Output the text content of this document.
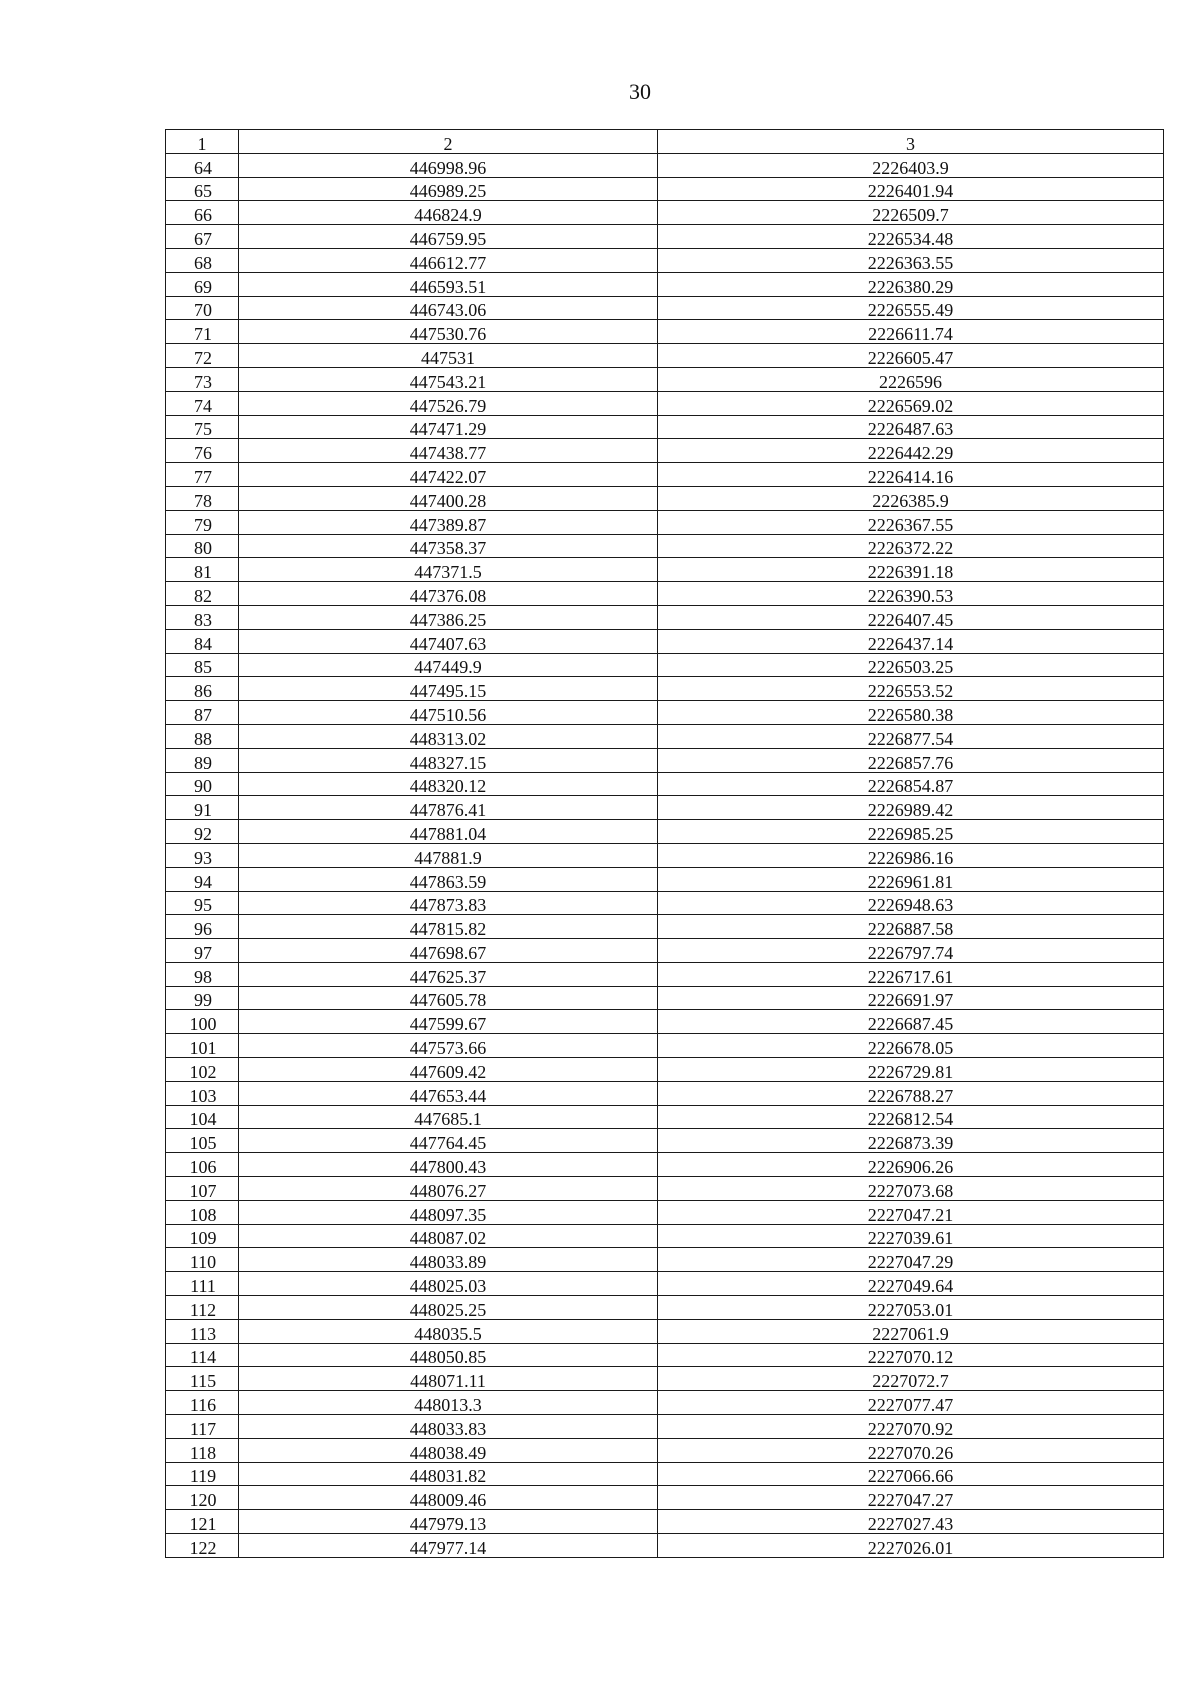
30
1	2	3
64	446998.96	2226403.9
65	446989.25	2226401.94
66	446824.9	2226509.7
67	446759.95	2226534.48
68	446612.77	2226363.55
69	446593.51	2226380.29
70	446743.06	2226555.49
71	447530.76	2226611.74
72	447531	2226605.47
73	447543.21	2226596
74	447526.79	2226569.02
75	447471.29	2226487.63
76	447438.77	2226442.29
77	447422.07	2226414.16
78	447400.28	2226385.9
79	447389.87	2226367.55
80	447358.37	2226372.22
81	447371.5	2226391.18
82	447376.08	2226390.53
83	447386.25	2226407.45
84	447407.63	2226437.14
85	447449.9	2226503.25
86	447495.15	2226553.52
87	447510.56	2226580.38
88	448313.02	2226877.54
89	448327.15	2226857.76
90	448320.12	2226854.87
91	447876.41	2226989.42
92	447881.04	2226985.25
93	447881.9	2226986.16
94	447863.59	2226961.81
95	447873.83	2226948.63
96	447815.82	2226887.58
97	447698.67	2226797.74
98	447625.37	2226717.61
99	447605.78	2226691.97
100	447599.67	2226687.45
101	447573.66	2226678.05
102	447609.42	2226729.81
103	447653.44	2226788.27
104	447685.1	2226812.54
105	447764.45	2226873.39
106	447800.43	2226906.26
107	448076.27	2227073.68
108	448097.35	2227047.21
109	448087.02	2227039.61
110	448033.89	2227047.29
111	448025.03	2227049.64
112	448025.25	2227053.01
113	448035.5	2227061.9
114	448050.85	2227070.12
115	448071.11	2227072.7
116	448013.3	2227077.47
117	448033.83	2227070.92
118	448038.49	2227070.26
119	448031.82	2227066.66
120	448009.46	2227047.27
121	447979.13	2227027.43
122	447977.14	2227026.01
